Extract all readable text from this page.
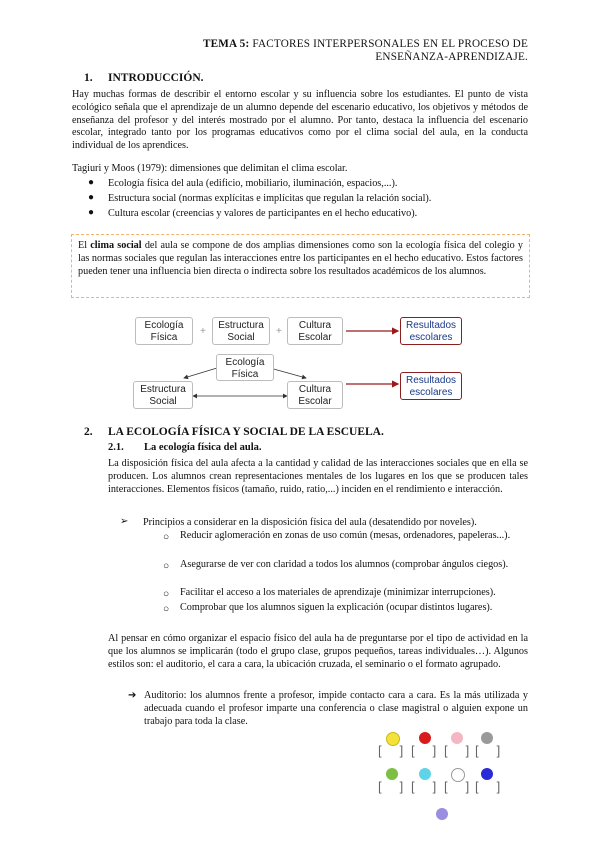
TEMA 5: FACTORES INTERPERSONALES EN EL PROCESO DE
ENSEÑANZA-APRENDIZAJE.
1. INTRODUCCIÓN.
Hay muchas formas de describir el entorno escolar y su influencia sobre los estudiantes. El punto de vista ecológico señala que el aprendizaje de un alumno depende del escenario educativo, los objetivos y métodos de enseñanza del profesor y del interés mostrado por el alumno. Por tanto, destaca la influencia del escenario escolar, integrado tanto por los programas educativos como por el clima social del aula, en la conducta individual de los aprendices.
Tagiuri y Moos (1979): dimensiones que delimitan el clima escolar.
● Ecología física del aula (edificio, mobiliario, iluminación, espacios,...).
● Estructura social (normas explícitas e implícitas que regulan la relación social).
● Cultura escolar (creencias y valores de participantes en el hecho educativo).
El clima social del aula se compone de dos amplias dimensiones como son la ecología física del colegio y las normas sociales que regulan las interacciones entre los participantes en el hecho educativo. Estos factores pueden tener una influencia bien directa o indirecta sobre los resultados académicos de los alumnos.
Ecología
Física
+
Estructura
Social
+
Cultura
Escolar
Resultados
escolares
Ecología
Física
Estructura
Social
Cultura
Escolar
Resultados
escolares
2. LA ECOLOGÍA FÍSICA Y SOCIAL DE LA ESCUELA.
2.1. La ecología física del aula.
La disposición física del aula afecta a la cantidad y calidad de las interacciones sociales que en ella se producen. Los alumnos crean representaciones mentales de los lugares en los que se producen tales interacciones. Elementos físicos (tamaño, ruido, ratio,...) inciden en el rendimiento e interacción.
➢ Principios a considerar en la disposición física del aula (desatendido por noveles).
○ Reducir aglomeración en zonas de uso común (mesas, ordenadores, papeleras...).
○ Asegurarse de ver con claridad a todos los alumnos (comprobar ángulos ciegos).
○ Facilitar el acceso a los materiales de aprendizaje (minimizar interrupciones).
○ Comprobar que los alumnos siguen la explicación (ocupar distintos lugares).
Al pensar en cómo organizar el espacio físico del aula ha de preguntarse por el tipo de actividad en la que los alumnos se implicarán (todo el grupo clase, grupos pequeños, tareas individuales…). Algunos estilos son: el auditorio, el cara a cara, la ubicación cruzada, el seminario o el formato agrupado.
➔ Auditorio: los alumnos frente a profesor, impide contacto cara a cara. Es la más utilizada y adecuada cuando el profesor imparte una conferencia o clase magistral o alguien expone un trabajo para toda la clase.
[     ] [     ] [     ] [     ]
[     ] [     ] [     ] [     ]
